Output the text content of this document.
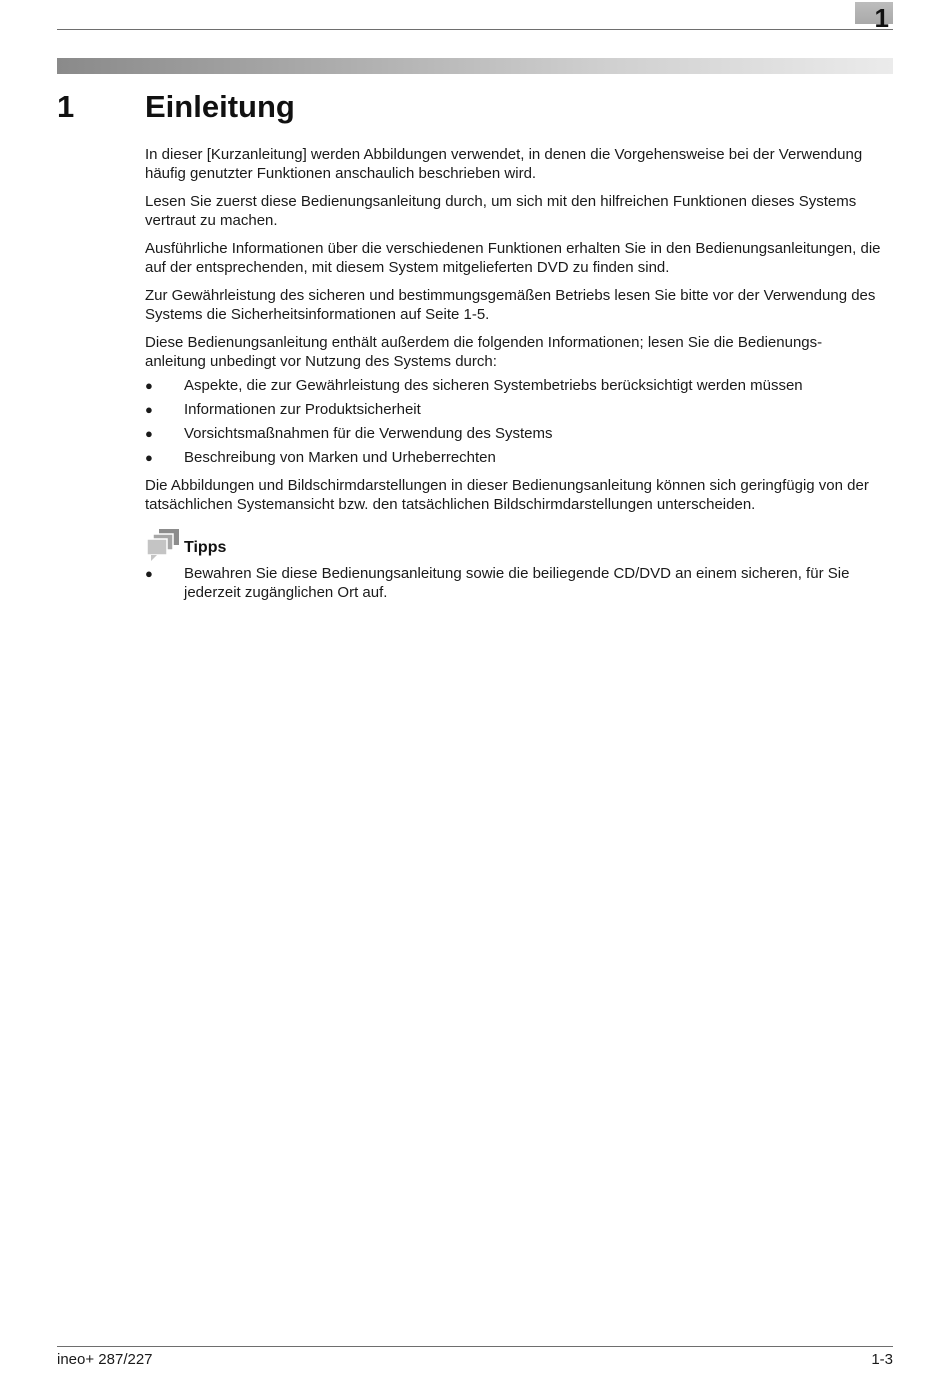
1
1 Einleitung

In dieser [Kurzanleitung] werden Abbildungen verwendet, in denen die Vorgehensweise bei der Verwendung häufig genutzter Funktionen anschaulich beschrieben wird.

Lesen Sie zuerst diese Bedienungsanleitung durch, um sich mit den hilfreichen Funktionen dieses Systems vertraut zu machen.

Ausführliche Informationen über die verschiedenen Funktionen erhalten Sie in den Bedienungsanleitungen, die auf der entsprechenden, mit diesem System mitgelieferten DVD zu finden sind.

Zur Gewährleistung des sicheren und bestimmungsgemäßen Betriebs lesen Sie bitte vor der Verwendung des Systems die Sicherheitsinformationen auf Seite 1-5.

Diese Bedienungsanleitung enthält außerdem die folgenden Informationen; lesen Sie die Bedienungs-
anleitung unbedingt vor Nutzung des Systems durch:

● Aspekte, die zur Gewährleistung des sicheren Systembetriebs berücksichtigt werden müssen
● Informationen zur Produktsicherheit
● Vorsichtsmaßnahmen für die Verwendung des Systems
● Beschreibung von Marken und Urheberrechten

Die Abbildungen und Bildschirmdarstellungen in dieser Bedienungsanleitung können sich geringfügig von der tatsächlichen Systemansicht bzw. den tatsächlichen Bildschirmdarstellungen unterscheiden.

Tipps
● Bewahren Sie diese Bedienungsanleitung sowie die beiliegende CD/DVD an einem sicheren, für Sie jederzeit zugänglichen Ort auf.
ineo+ 287/227	1-3
